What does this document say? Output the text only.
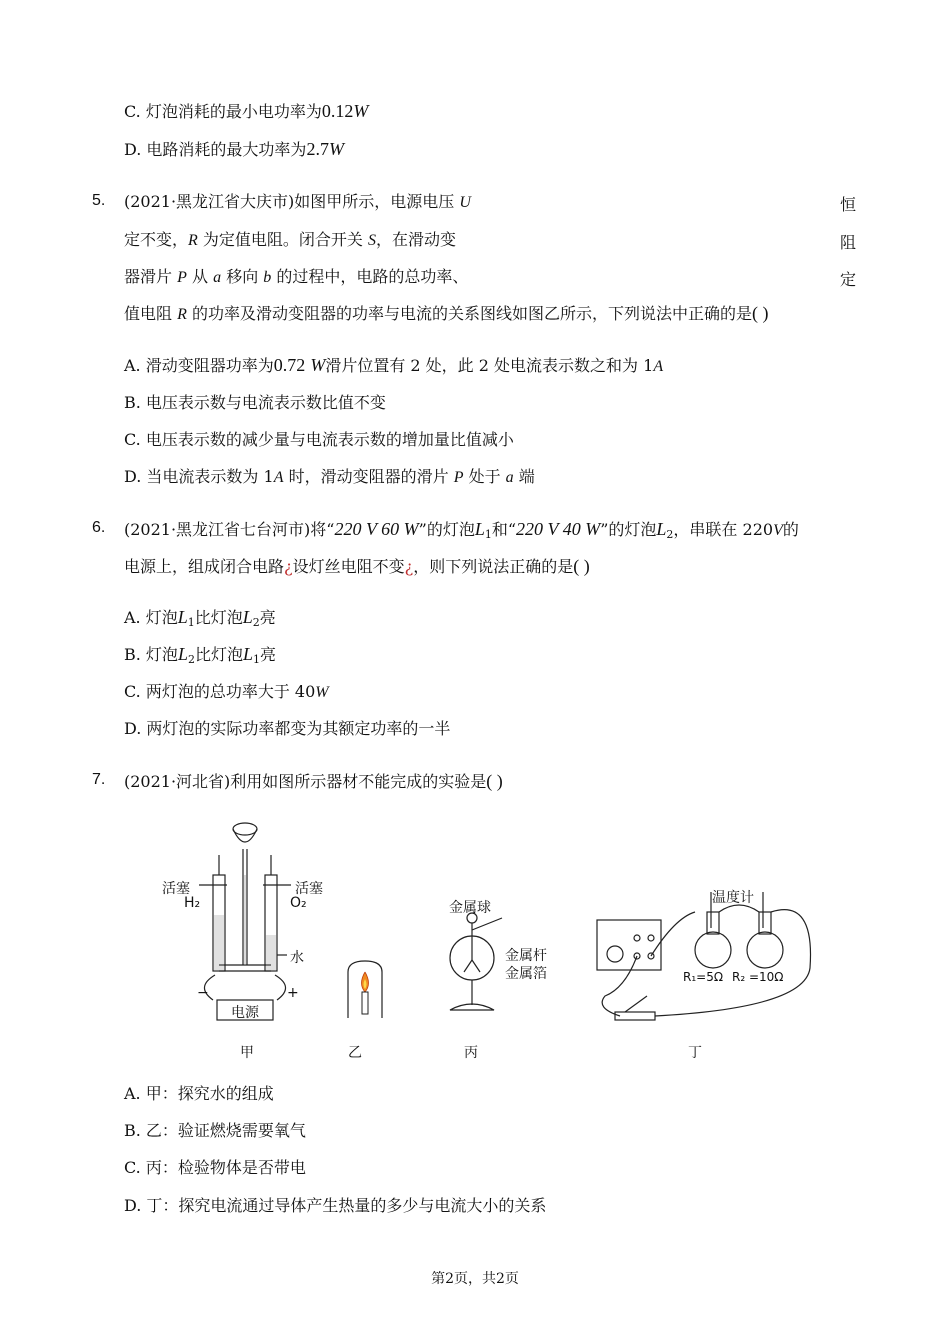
C. 灯泡消耗的最小电功率为0.12W
D. 电路消耗的最大功率为2.7W
5. (2021·黑龙江省大庆市)如图甲所示，电源电压 U	恒
定不变，R 为定值电阻。闭合开关 S，在滑动变	阻
器滑片 P 从 a 移向 b 的过程中，电路的总功率、	定
值电阻 R 的功率及滑动变阻器的功率与电流的关系图线如图乙所示，下列说法中正确的是( )
A. 滑动变阻器功率为0.72 W滑片位置有 2 处，此 2 处电流表示数之和为 1A
B. 电压表示数与电流表示数比值不变
C. 电压表示数的减少量与电流表示数的增加量比值减小
D. 当电流表示数为 1A 时，滑动变阻器的滑片 P 处于 a 端
6. (2021·黑龙江省七台河市)将“220 V 60 W”的灯泡$L_1$和“220 V 40 W”的灯泡$L_2$，串联在 220V的
电源上，组成闭合电路¿设灯丝电阻不变¿，则下列说法正确的是( )
A. 灯泡$L_1$比灯泡$L_2$亮
B. 灯泡$L_2$比灯泡$L_1$亮
C. 两灯泡的总功率大于 40W
D. 两灯泡的实际功率都变为其额定功率的一半
7. (2021·河北省)利用如图所示器材不能完成的实验是( )
活塞	活塞
H₂	O₂
水
−	+
电源
金属球
金属杆
金属箔
温度计
R₁=5Ω R₂ =10Ω
甲	乙	丙	丁
A. 甲：探究水的组成
B. 乙：验证燃烧需要氧气
C. 丙：检验物体是否带电
D. 丁：探究电流通过导体产生热量的多少与电流大小的关系
第2页，共2页
